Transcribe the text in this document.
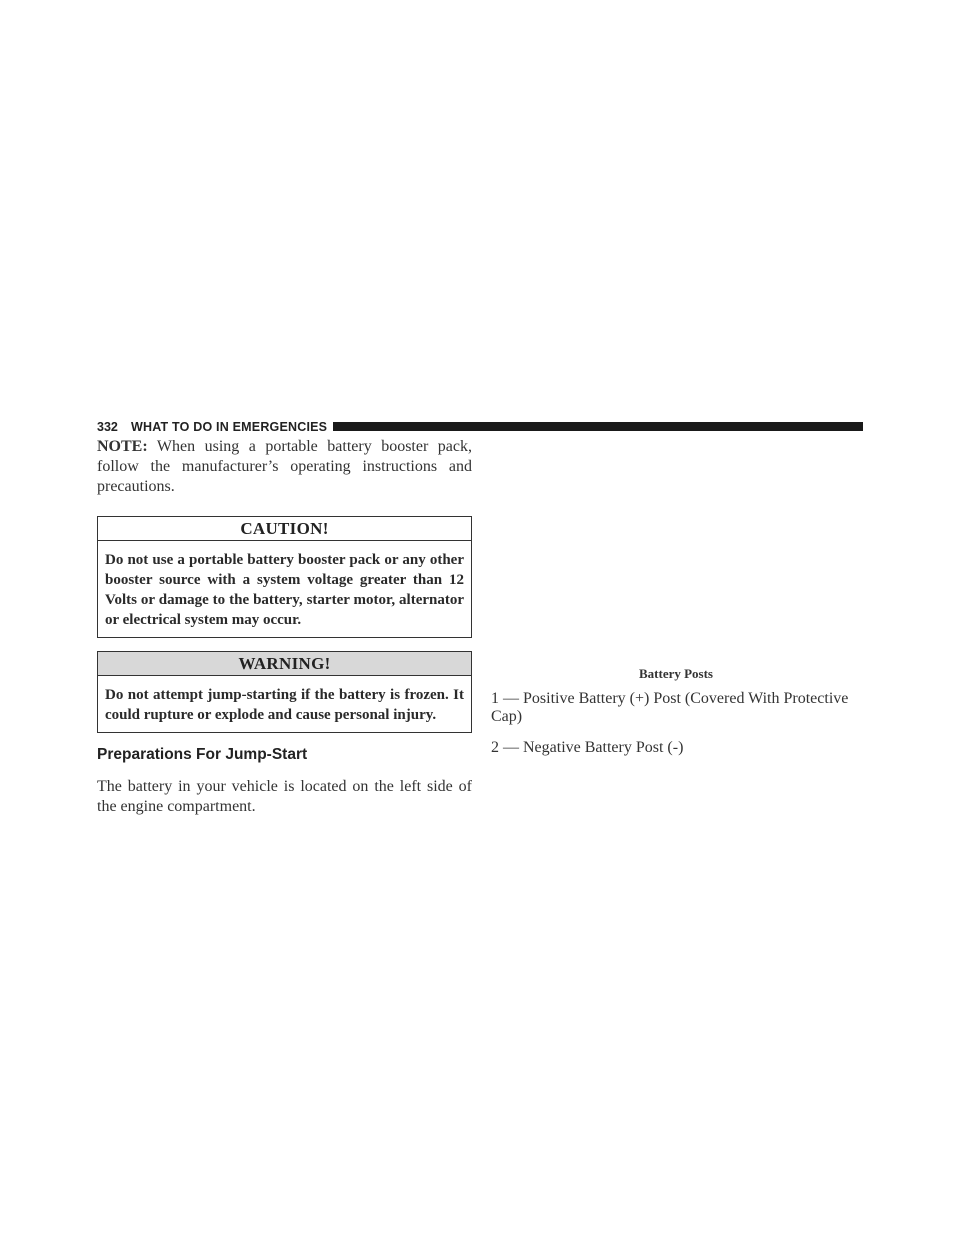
332 WHAT TO DO IN EMERGENCIES

NOTE: When using a portable battery booster pack, follow the manufacturer’s operating instructions and precautions.

CAUTION!
Do not use a portable battery booster pack or any other booster source with a system voltage greater than 12 Volts or damage to the battery, starter motor, alternator or electrical system may occur.
WARNING!
Do not attempt jump-starting if the battery is frozen. It could rupture or explode and cause personal injury.
Preparations For Jump-Start

The battery in your vehicle is located on the left side of the engine compartment.

Battery Posts

1 — Positive Battery (+) Post (Covered With Protective Cap)

2 — Negative Battery Post (-)
